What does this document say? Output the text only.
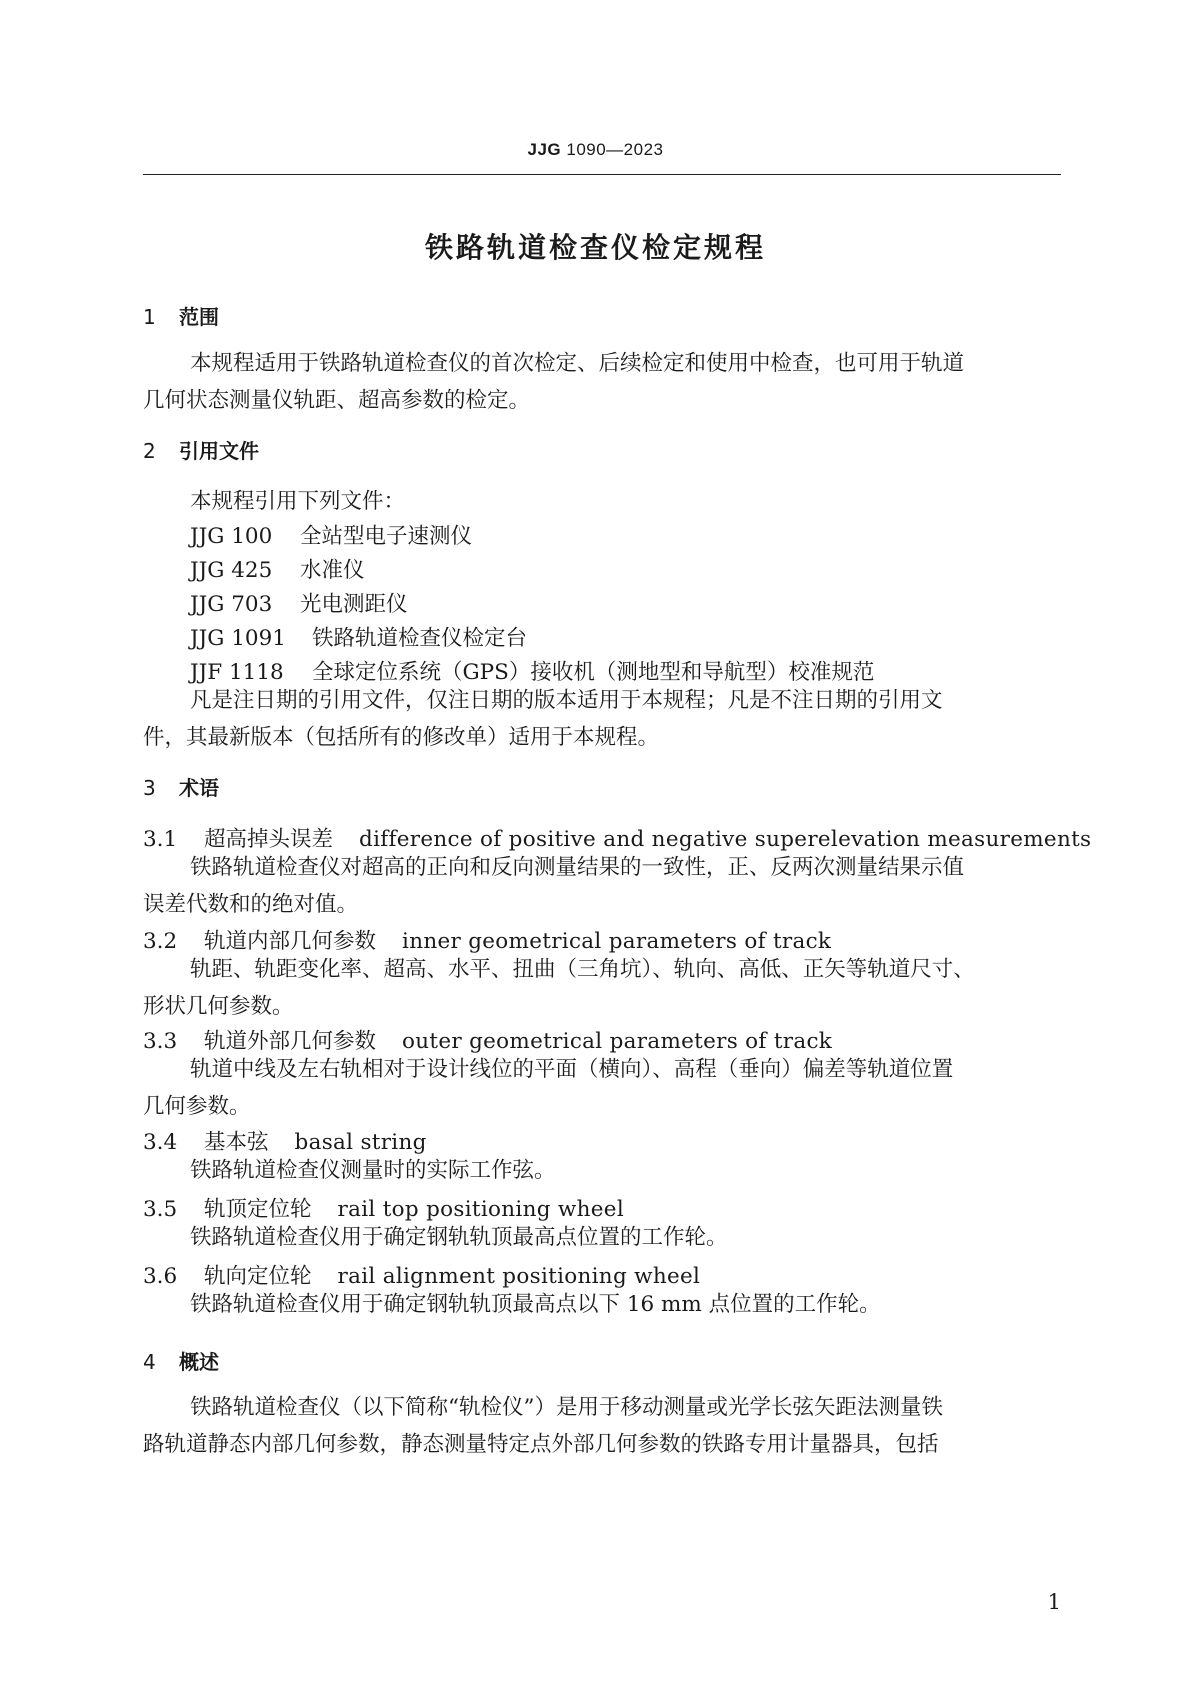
JJG 1090—2023
铁路轨道检查仪检定规程
1 范围
本规程适用于铁路轨道检查仪的首次检定、后续检定和使用中检查，也可用于轨道
几何状态测量仪轨距、超高参数的检定。
2 引用文件
本规程引用下列文件：
JJG 100 全站型电子速测仪
JJG 425 水准仪
JJG 703 光电测距仪
JJG 1091 铁路轨道检查仪检定台
JJF 1118 全球定位系统（GPS）接收机（测地型和导航型）校准规范
凡是注日期的引用文件，仅注日期的版本适用于本规程；凡是不注日期的引用文
件，其最新版本（包括所有的修改单）适用于本规程。
3 术语
3.1 超高掉头误差 difference of positive and negative superelevation measurements
铁路轨道检查仪对超高的正向和反向测量结果的一致性，正、反两次测量结果示值
误差代数和的绝对值。
3.2 轨道内部几何参数 inner geometrical parameters of track
轨距、轨距变化率、超高、水平、扭曲（三角坑）、轨向、高低、正矢等轨道尺寸、
形状几何参数。
3.3 轨道外部几何参数 outer geometrical parameters of track
轨道中线及左右轨相对于设计线位的平面（横向）、高程（垂向）偏差等轨道位置
几何参数。
3.4 基本弦 basal string
铁路轨道检查仪测量时的实际工作弦。
3.5 轨顶定位轮 rail top positioning wheel
铁路轨道检查仪用于确定钢轨轨顶最高点位置的工作轮。
3.6 轨向定位轮 rail alignment positioning wheel
铁路轨道检查仪用于确定钢轨轨顶最高点以下 16 mm 点位置的工作轮。
4 概述
铁路轨道检查仪（以下简称“轨检仪”）是用于移动测量或光学长弦矢距法测量铁
路轨道静态内部几何参数，静态测量特定点外部几何参数的铁路专用计量器具，包括
1
